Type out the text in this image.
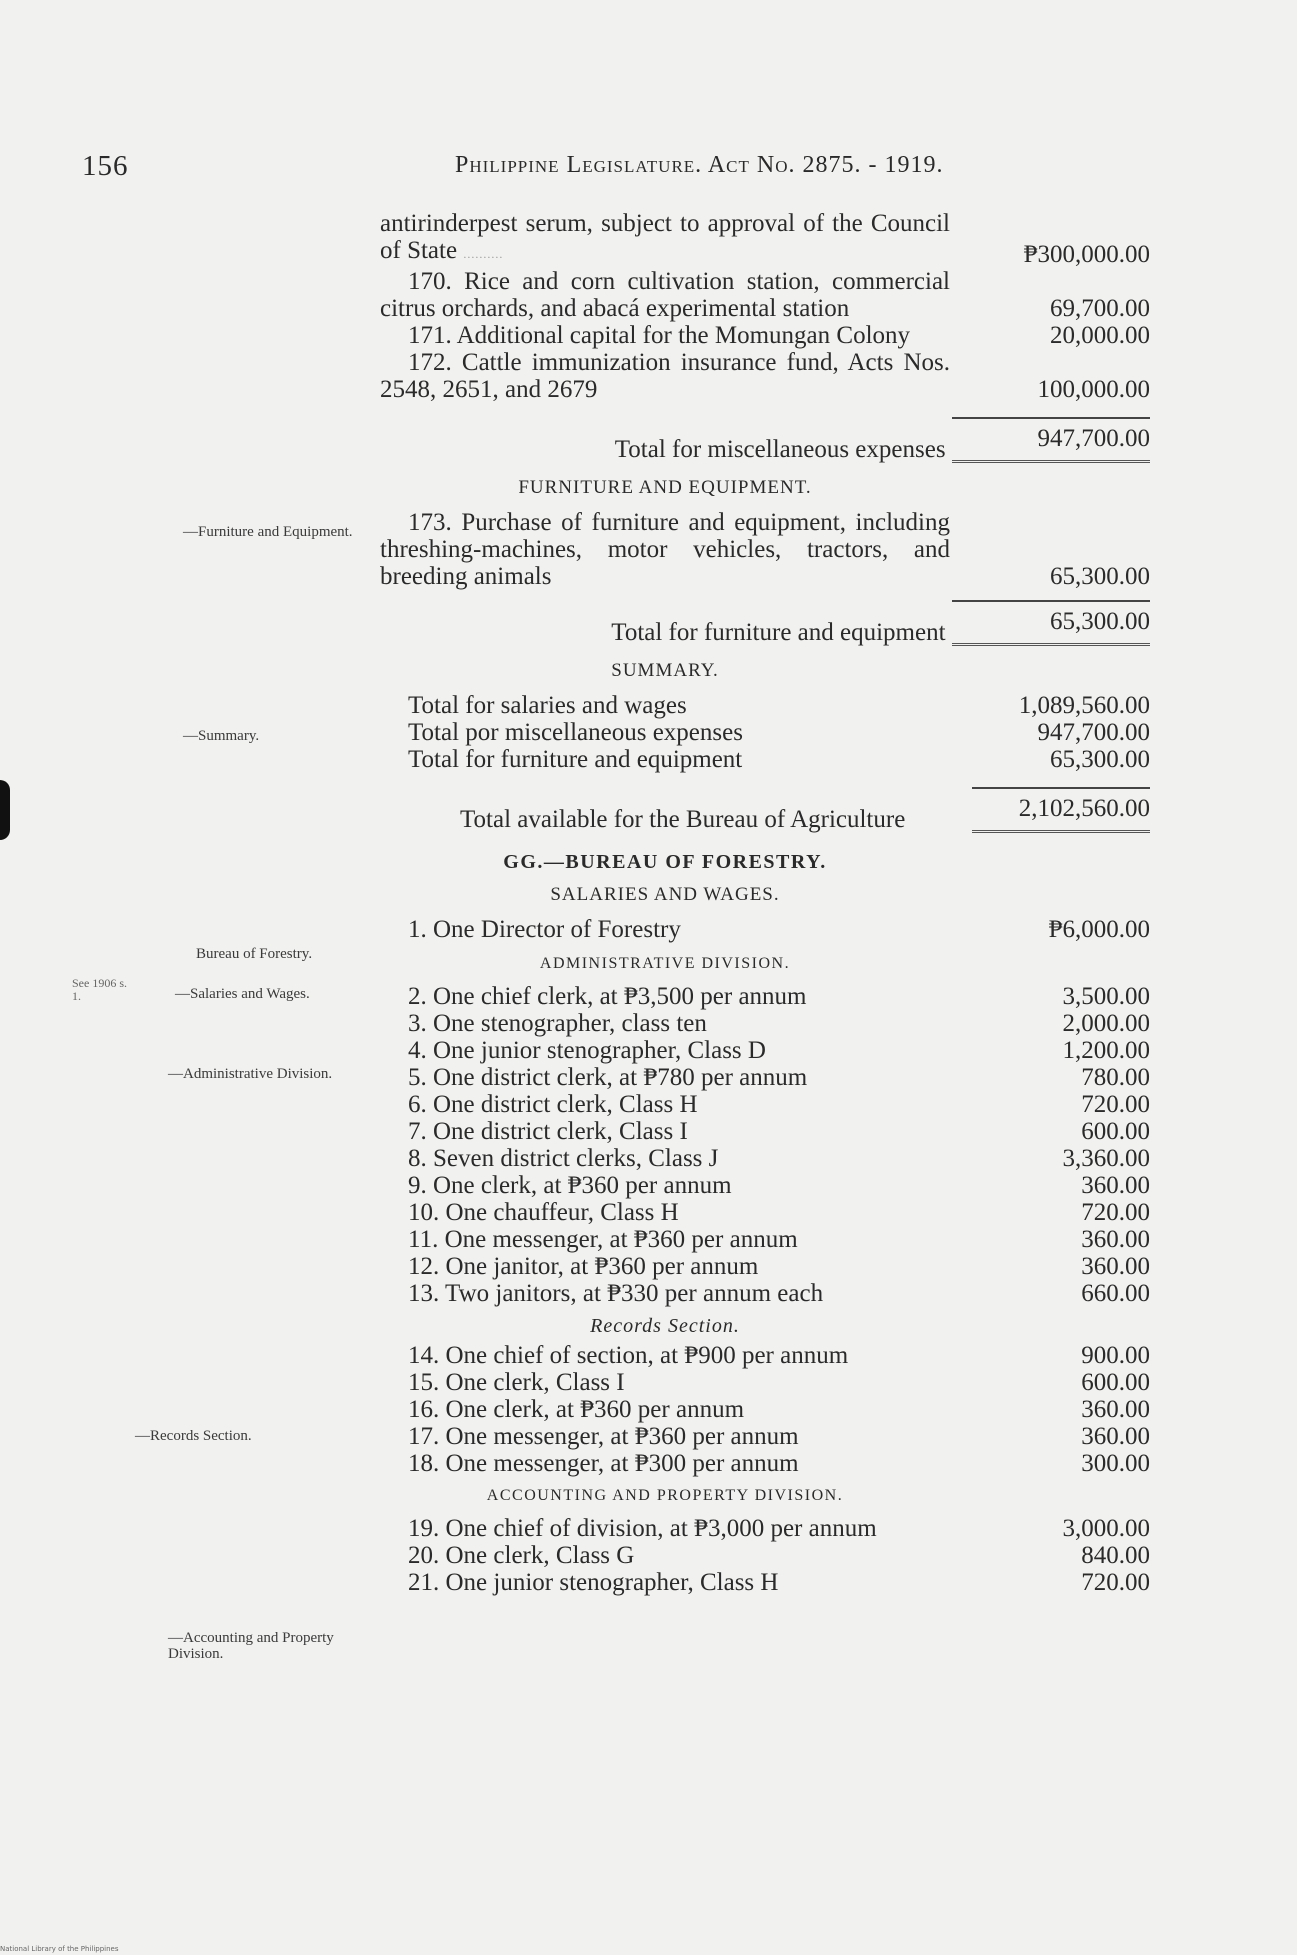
156	Philippine Legislature. Act No. 2875. - 1919.
—Furniture and Equipment.
—Summary.
Bureau of Forestry.
See 1906 s. 1.	—Salaries and Wages.
—Administrative Division.
—Records Section.
—Accounting and Property Division.
antirinderpest serum, subject to approval of the Council of State ..........	₱300,000.00
170. Rice and corn cultivation station, commercial citrus orchards, and abacá experimental station	69,700.00
171. Additional capital for the Momungan Colony	20,000.00
172. Cattle immunization insurance fund, Acts Nos. 2548, 2651, and 2679	100,000.00
Total for miscellaneous expenses	947,700.00
FURNITURE AND EQUIPMENT.
173. Purchase of furniture and equipment, including threshing-machines, motor vehicles, tractors, and breeding animals	65,300.00
Total for furniture and equipment	65,300.00
SUMMARY.
Total for salaries and wages	1,089,560.00
Total por miscellaneous expenses	947,700.00
Total for furniture and equipment	65,300.00
Total available for the Bureau of Agriculture	2,102,560.00
GG.—BUREAU OF FORESTRY.
SALARIES AND WAGES.
1. One Director of Forestry	₱6,000.00
ADMINISTRATIVE DIVISION.
2. One chief clerk, at ₱3,500 per annum	3,500.00
3. One stenographer, class ten	2,000.00
4. One junior stenographer, Class D	1,200.00
5. One district clerk, at ₱780 per annum	780.00
6. One district clerk, Class H	720.00
7. One district clerk, Class I	600.00
8. Seven district clerks, Class J	3,360.00
9. One clerk, at ₱360 per annum	360.00
10. One chauffeur, Class H	720.00
11. One messenger, at ₱360 per annum	360.00
12. One janitor, at ₱360 per annum	360.00
13. Two janitors, at ₱330 per annum each	660.00
Records Section.
14. One chief of section, at ₱900 per annum	900.00
15. One clerk, Class I	600.00
16. One clerk, at ₱360 per annum	360.00
17. One messenger, at ₱360 per annum	360.00
18. One messenger, at ₱300 per annum	300.00
ACCOUNTING AND PROPERTY DIVISION.
19. One chief of division, at ₱3,000 per annum	3,000.00
20. One clerk, Class G	840.00
21. One junior stenographer, Class H	720.00
National Library of the Philippines
